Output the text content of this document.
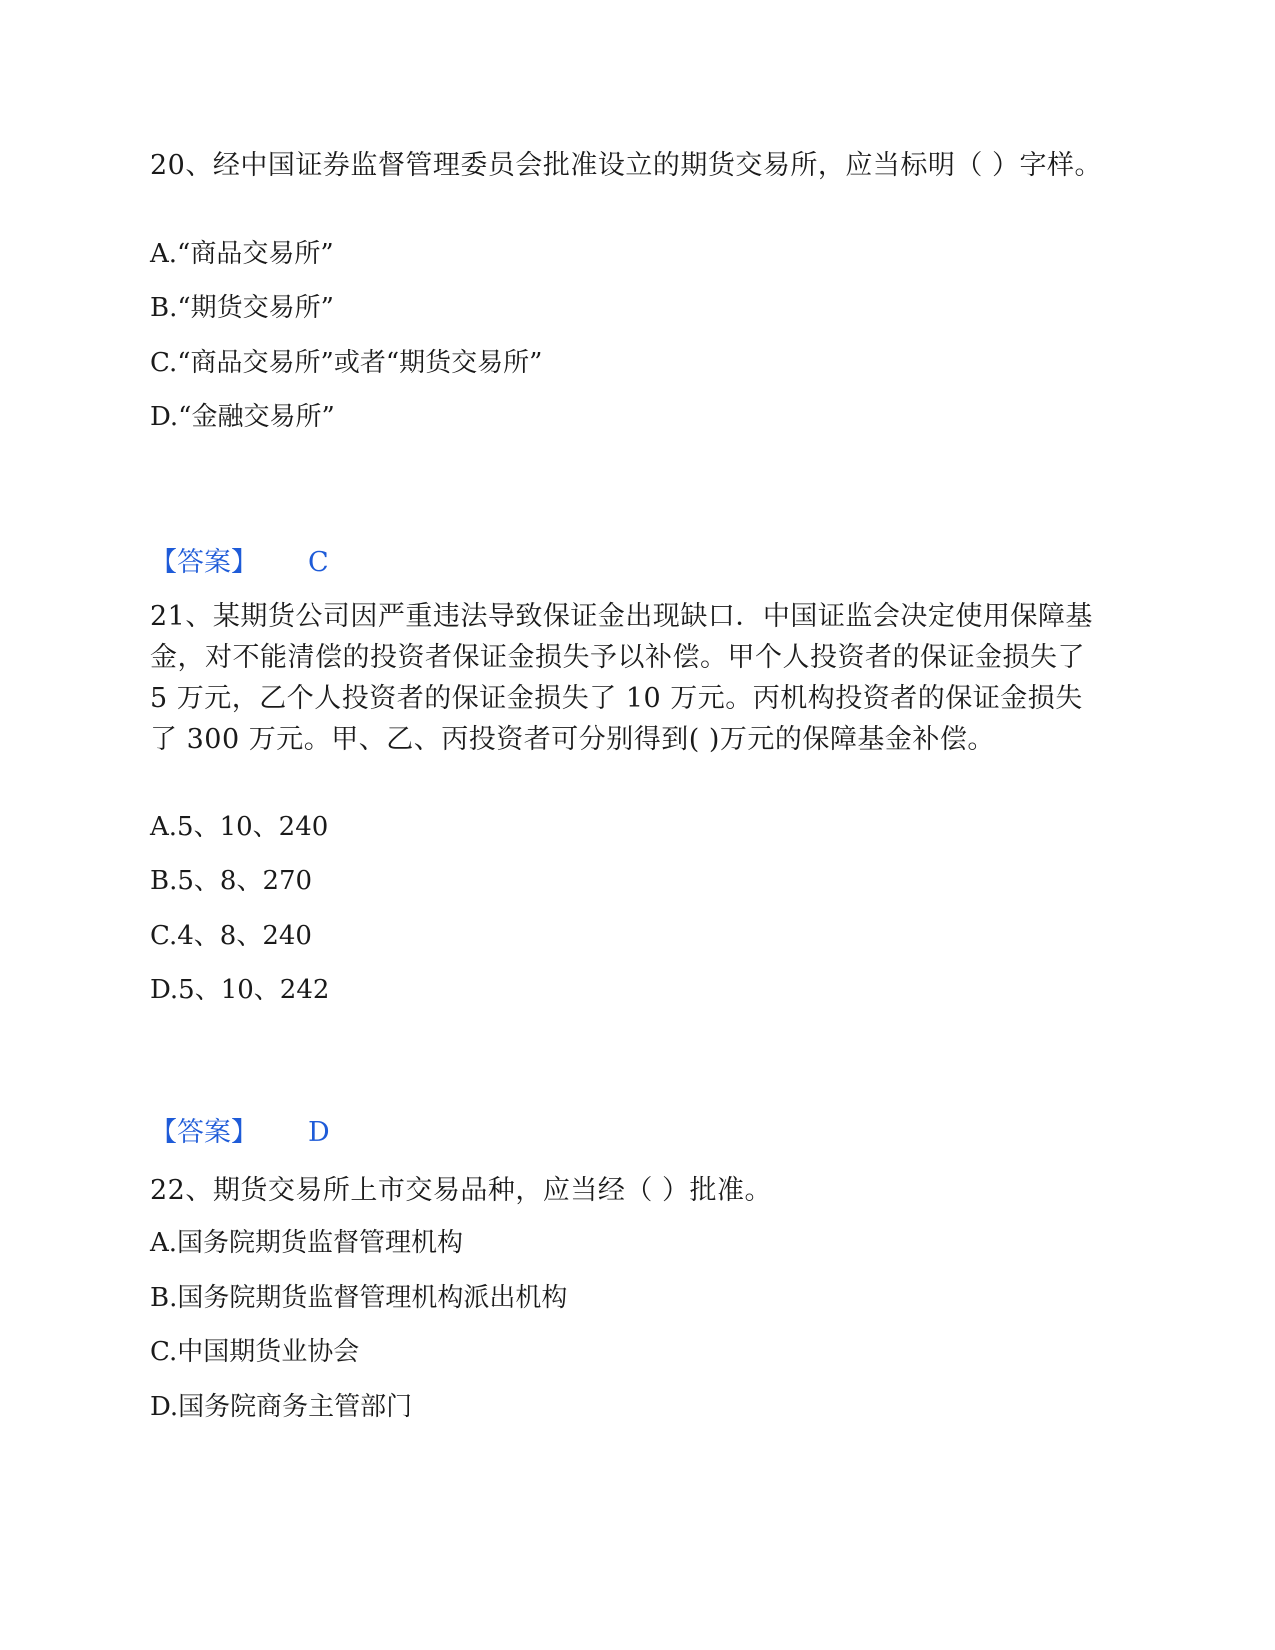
20、经中国证券监督管理委员会批准设立的期货交易所，应当标明（ ）字样。

A.“商品交易所”

B.“期货交易所”

C.“商品交易所”或者“期货交易所”

D.“金融交易所”

【答案】 C

21、某期货公司因严重违法导致保证金出现缺口．中国证监会决定使用保障基金，对不能清偿的投资者保证金损失予以补偿。甲个人投资者的保证金损失了 5 万元，乙个人投资者的保证金损失了 10 万元。丙机构投资者的保证金损失了 300 万元。甲、乙、丙投资者可分别得到( )万元的保障基金补偿。

A.5、10、240

B.5、8、270

C.4、8、240

D.5、10、242

【答案】 D

22、期货交易所上市交易品种，应当经（ ）批准。

A.国务院期货监督管理机构

B.国务院期货监督管理机构派出机构

C.中国期货业协会

D.国务院商务主管部门
